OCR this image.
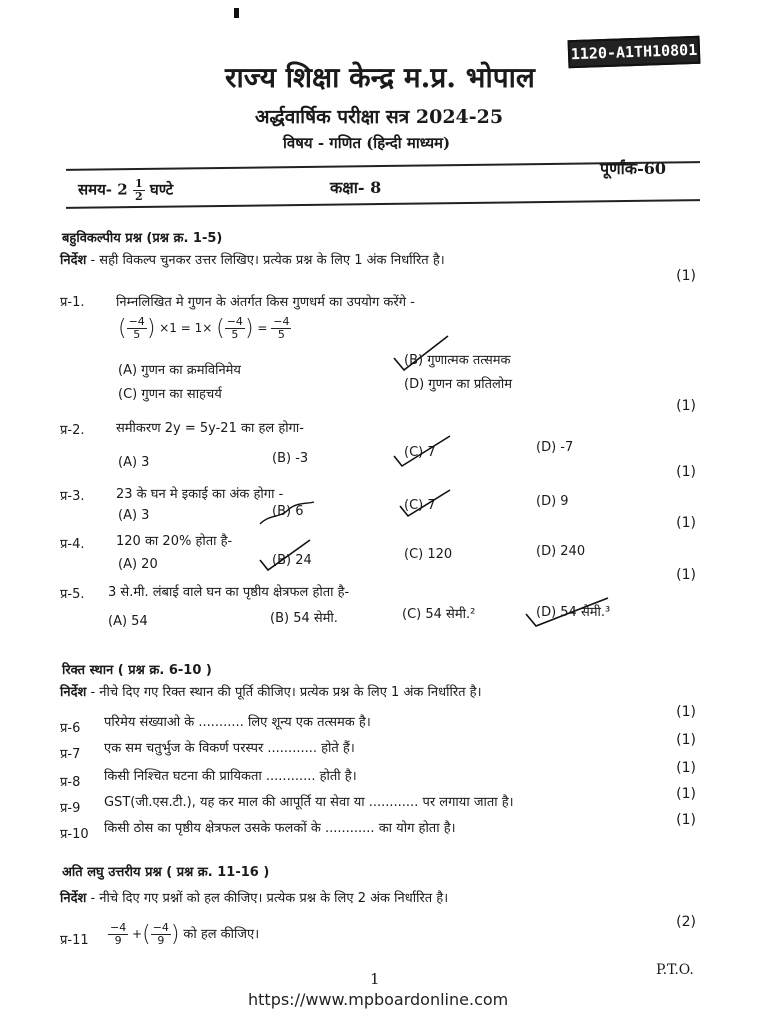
1120-A1TH10801
राज्य शिक्षा केन्द्र म.प्र. भोपाल
अर्द्धवार्षिक परीक्षा सत्र 2024-25
विषय - गणित (हिन्दी माध्यम)
पूर्णांक-60
समय- $2 \frac{1}{2}$ घण्टे	कक्षा- 8
बहुविकल्पीय प्रश्न (प्रश्न क्र. 1-5)
निर्देश - सही विकल्प चुनकर उत्तर लिखिए। प्रत्येक प्रश्न के लिए 1 अंक निर्धारित है।
(1)
प्र-1. निम्नलिखित मे गुणन के अंतर्गत किस गुणधर्म का उपयोग करेंगे -
( $\frac{-4}{5}$ ) ×1 = 1× ( $\frac{-4}{5}$ ) = $\frac{-4}{5}$
(A) गुणन का क्रमविनिमेय
(B) गुणात्मक तत्समक
(C) गुणन का साहचर्य
(D) गुणन का प्रतिलोम
(1)
प्र-2. समीकरण 2y = 5y-21 का हल होगा-
(A) 3	(B) -3	(C) 7	(D) -7
(1)
प्र-3. 23 के घन मे इकाई का अंक होगा -
(A) 3	(B) 6	(C) 7	(D) 9
(1)
प्र-4. 120 का 20% होता है-
(A) 20	(B) 24	(C) 120	(D) 240
(1)
प्र-5. 3 से.मी. लंबाई वाले घन का पृष्ठीय क्षेत्रफल होता है-
(A) 54	(B) 54 सेमी.	(C) 54 सेमी.²	(D) 54 सेमी.³
रिक्त स्थान ( प्रश्न क्र. 6-10 )
निर्देश - नीचे दिए गए रिक्त स्थान की पूर्ति कीजिए। प्रत्येक प्रश्न के लिए 1 अंक निर्धारित है।
प्र-6 परिमेय संख्याओ के ........... लिए शून्य एक तत्समक है।
(1)
प्र-7 एक सम चतुर्भुज के विकर्ण परस्पर ............ होते हैं।
(1)
प्र-8 किसी निश्चित घटना की प्रायिकता ............ होती है।
(1)
प्र-9 GST(जी.एस.टी.), यह कर माल की आपूर्ति या सेवा या ............ पर लगाया जाता है।
(1)
प्र-10 किसी ठोस का पृष्ठीय क्षेत्रफल उसके फलकों के ............ का योग होता है।
(1)
अति लघु उत्तरीय प्रश्न ( प्रश्न क्र. 11-16 )
निर्देश - नीचे दिए गए प्रश्नों को हल कीजिए। प्रत्येक प्रश्न के लिए 2 अंक निर्धारित है।
(2)
प्र-11 $\frac{-4}{9}$ +( $\frac{-4}{9}$ ) को हल कीजिए।
1	P.T.O.
https://www.mpboardonline.com
